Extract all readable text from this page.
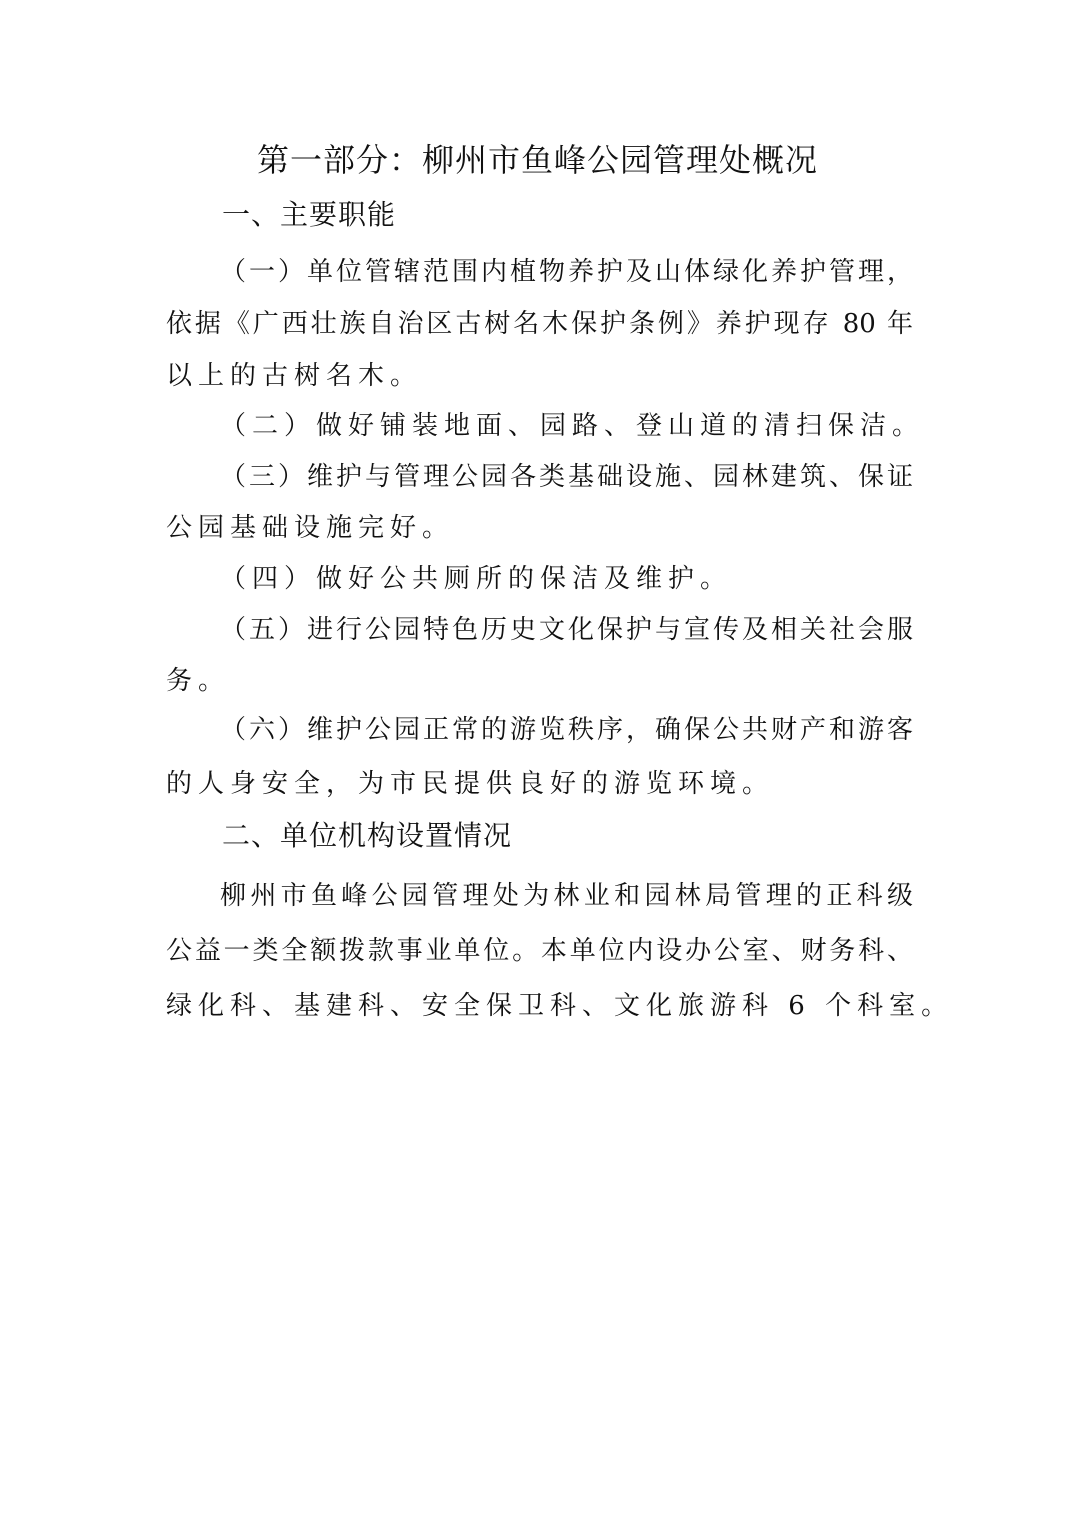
第一部分：柳州市鱼峰公园管理处概况
一、主要职能

（一）单位管辖范围内植物养护及山体绿化养护管理，

依据《广西壮族自治区古树名木保护条例》养护现存 80 年

以上的古树名木。

（二）做好铺装地面、园路、登山道的清扫保洁。

（三）维护与管理公园各类基础设施、园林建筑、保证

公园基础设施完好。

（四）做好公共厕所的保洁及维护。

（五）进行公园特色历史文化保护与宣传及相关社会服

务。

（六）维护公园正常的游览秩序，确保公共财产和游客

的人身安全，为市民提供良好的游览环境。

二、单位机构设置情况

柳州市鱼峰公园管理处为林业和园林局管理的正科级

公益一类全额拨款事业单位。本单位内设办公室、财务科、

绿化科、基建科、安全保卫科、文化旅游科 6 个科室。
